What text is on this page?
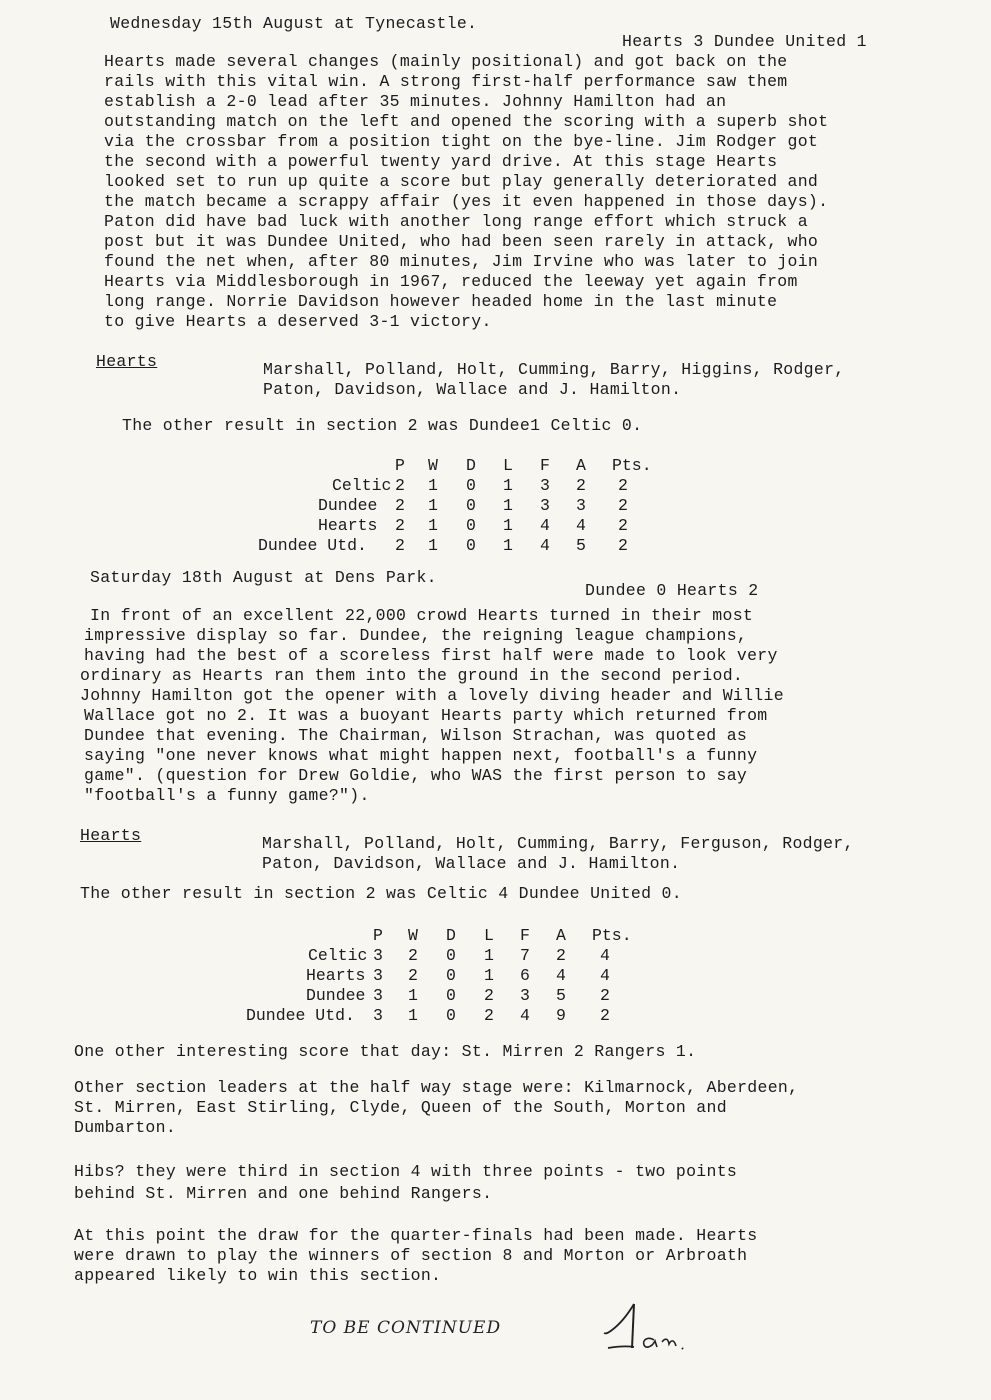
Wednesday 15th August at Tynecastle.
Hearts 3 Dundee United 1
Hearts made several changes (mainly positional) and got back on the
rails with this vital win. A strong first-half performance saw them
establish a 2-0 lead after 35 minutes. Johnny Hamilton had an
outstanding match on the left and opened the scoring with a superb shot
via the crossbar from a position tight on the bye-line. Jim Rodger got
the second with a powerful twenty yard drive. At this stage Hearts
looked set to run up quite a score but play generally deteriorated and
the match became a scrappy affair (yes it even happened in those days).
Paton did have bad luck with another long range effort which struck a
post but it was Dundee United, who had been seen rarely in attack, who
found the net when, after 80 minutes, Jim Irvine who was later to join
Hearts via Middlesborough in 1967, reduced the leeway yet again from
long range. Norrie Davidson however headed home in the last minute
to give Hearts a deserved 3-1 victory.
Hearts	Marshall, Polland, Holt, Cumming, Barry, Higgins, Rodger,
Paton, Davidson, Wallace and J. Hamilton.
The other result in section 2 was Dundee1 Celtic 0.
P W D L F A Pts.
Celtic 2 1 0 1 3 2 2
Dundee 2 1 0 1 3 3 2
Hearts 2 1 0 1 4 4 2
Dundee Utd. 2 1 0 1 4 5 2
Saturday 18th August at Dens Park.
Dundee 0 Hearts 2
In front of an excellent 22,000 crowd Hearts turned in their most
impressive display so far. Dundee, the reigning league champions,
having had the best of a scoreless first half were made to look very
ordinary as Hearts ran them into the ground in the second period.
Johnny Hamilton got the opener with a lovely diving header and Willie
Wallace got no 2. It was a buoyant Hearts party which returned from
Dundee that evening. The Chairman, Wilson Strachan, was quoted as
saying "one never knows what might happen next, football's a funny
game". (question for Drew Goldie, who WAS the first person to say
"football's a funny game?").
Hearts	Marshall, Polland, Holt, Cumming, Barry, Ferguson, Rodger,
Paton, Davidson, Wallace and J. Hamilton.
The other result in section 2 was Celtic 4 Dundee United 0.
P W D L F A Pts.
Celtic 3 2 0 1 7 2 4
Hearts 3 2 0 1 6 4 4
Dundee 3 1 0 2 3 5 2
Dundee Utd. 3 1 0 2 4 9 2
One other interesting score that day: St. Mirren 2 Rangers 1.
Other section leaders at the half way stage were: Kilmarnock, Aberdeen,
St. Mirren, East Stirling, Clyde, Queen of the South, Morton and
Dumbarton.
Hibs? they were third in section 4 with three points - two points
behind St. Mirren and one behind Rangers.
At this point the draw for the quarter-finals had been made. Hearts
were drawn to play the winners of section 8 and Morton or Arbroath
appeared likely to win this section.
TO BE CONTINUED
